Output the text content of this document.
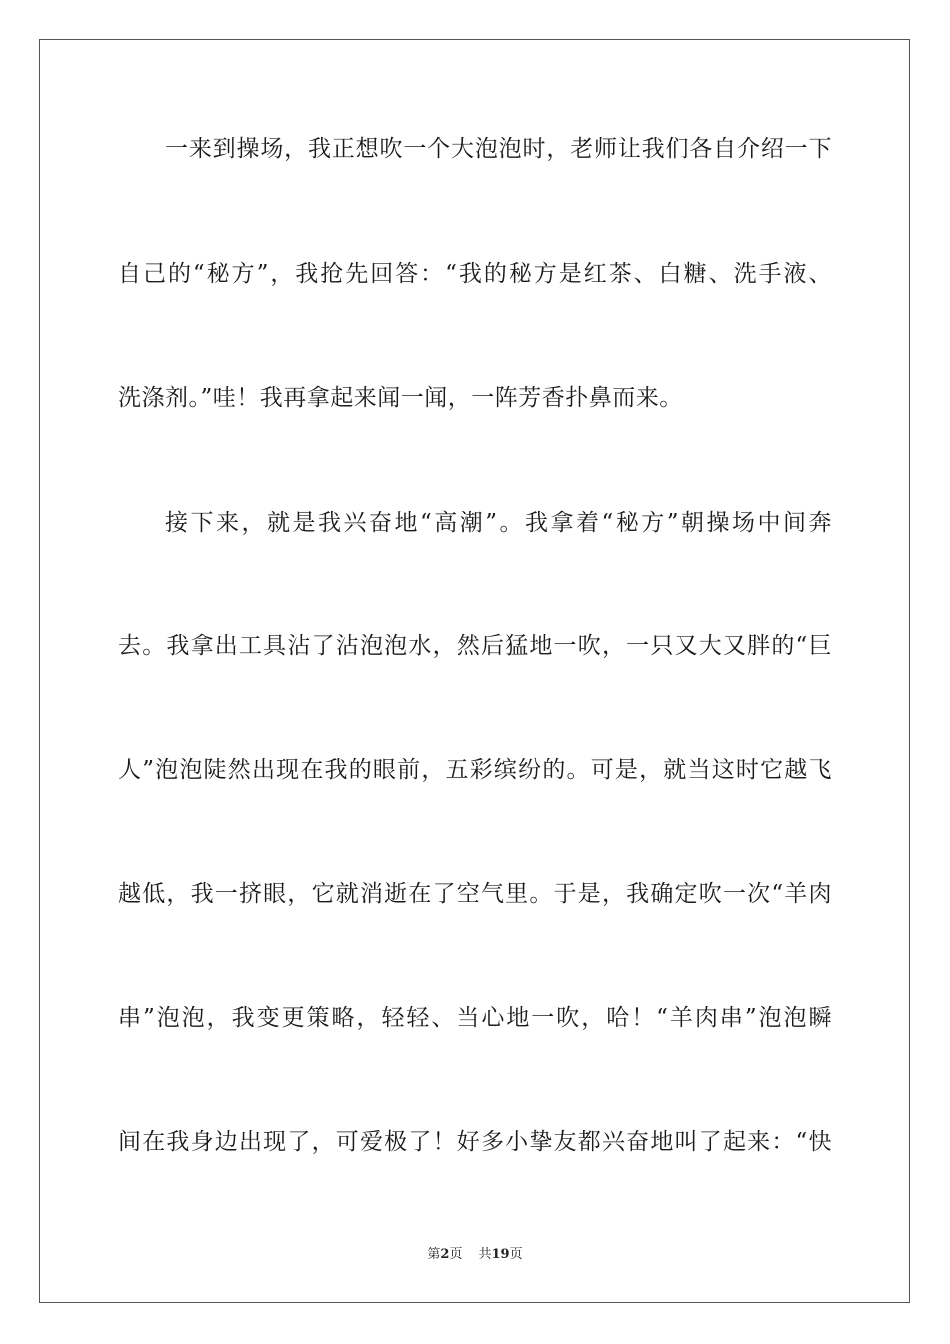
一来到操场，我正想吹一个大泡泡时，老师让我们各自介绍一下
自己的“秘方”，我抢先回答：“我的秘方是红茶、白糖、洗手液、
洗涤剂。”哇！我再拿起来闻一闻，一阵芳香扑鼻而来。
接下来，就是我兴奋地“高潮”。我拿着“秘方”朝操场中间奔
去。我拿出工具沾了沾泡泡水，然后猛地一吹，一只又大又胖的“巨
人”泡泡陡然出现在我的眼前，五彩缤纷的。可是，就当这时它越飞
越低，我一挤眼，它就消逝在了空气里。于是，我确定吹一次“羊肉
串”泡泡，我变更策略，轻轻、当心地一吹，哈！“羊肉串”泡泡瞬
间在我身边出现了，可爱极了！好多小挚友都兴奋地叫了起来：“快
第2页 共19页
